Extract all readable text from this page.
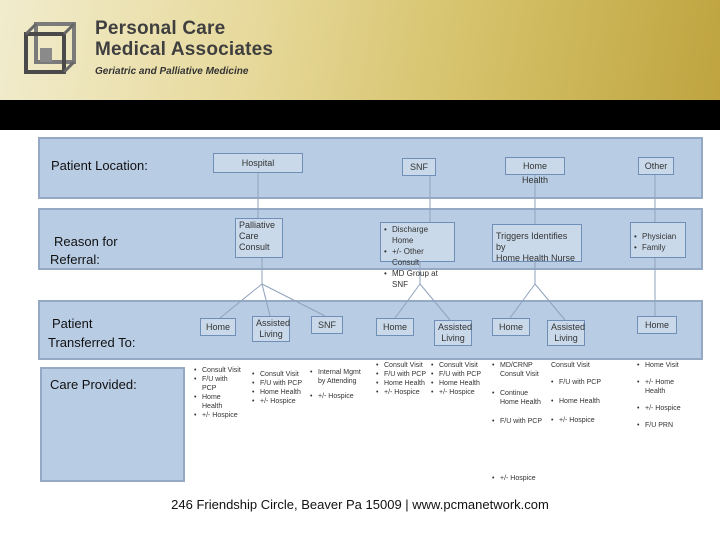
Personal Care
Medical Associates
Geriatric and Palliative Medicine
Patient Location:
Reason for
Referral:
Patient
Transferred To:
Care Provided:
Hospital	SNF	Home Health
Other
Palliative
Care
Consult
• Discharge Home
• +/- Other Consult
• MD Group at SNF
Triggers Identifies by
Home Health Nurse
• Physician
• Family
Home	Assisted Living
SNF	Home	Assisted Living
Home	Assisted Living
Home
• Consult Visit
• F/U with PCP
• Home Health
• +/- Hospice
• Consult Visit
• F/U with PCP
• Home Health
• +/- Hospice
• Internal Mgmt by Attending
• +/- Hospice
• Consult Visit
• F/U with PCP
• Home Health
• +/- Hospice
• Consult Visit
• F/U with PCP
• Home Health
• +/- Hospice
• MD/CRNP Consult Visit
• Continue Home Health
• F/U with PCP
• +/- Hospice
Consult Visit
• F/U with PCP
• Home Health
• +/- Hospice
• Home Visit
• +/- Home Health
• +/- Hospice
• F/U PRN
246 Friendship Circle, Beaver Pa 15009 | www.pcmanetwork.com
